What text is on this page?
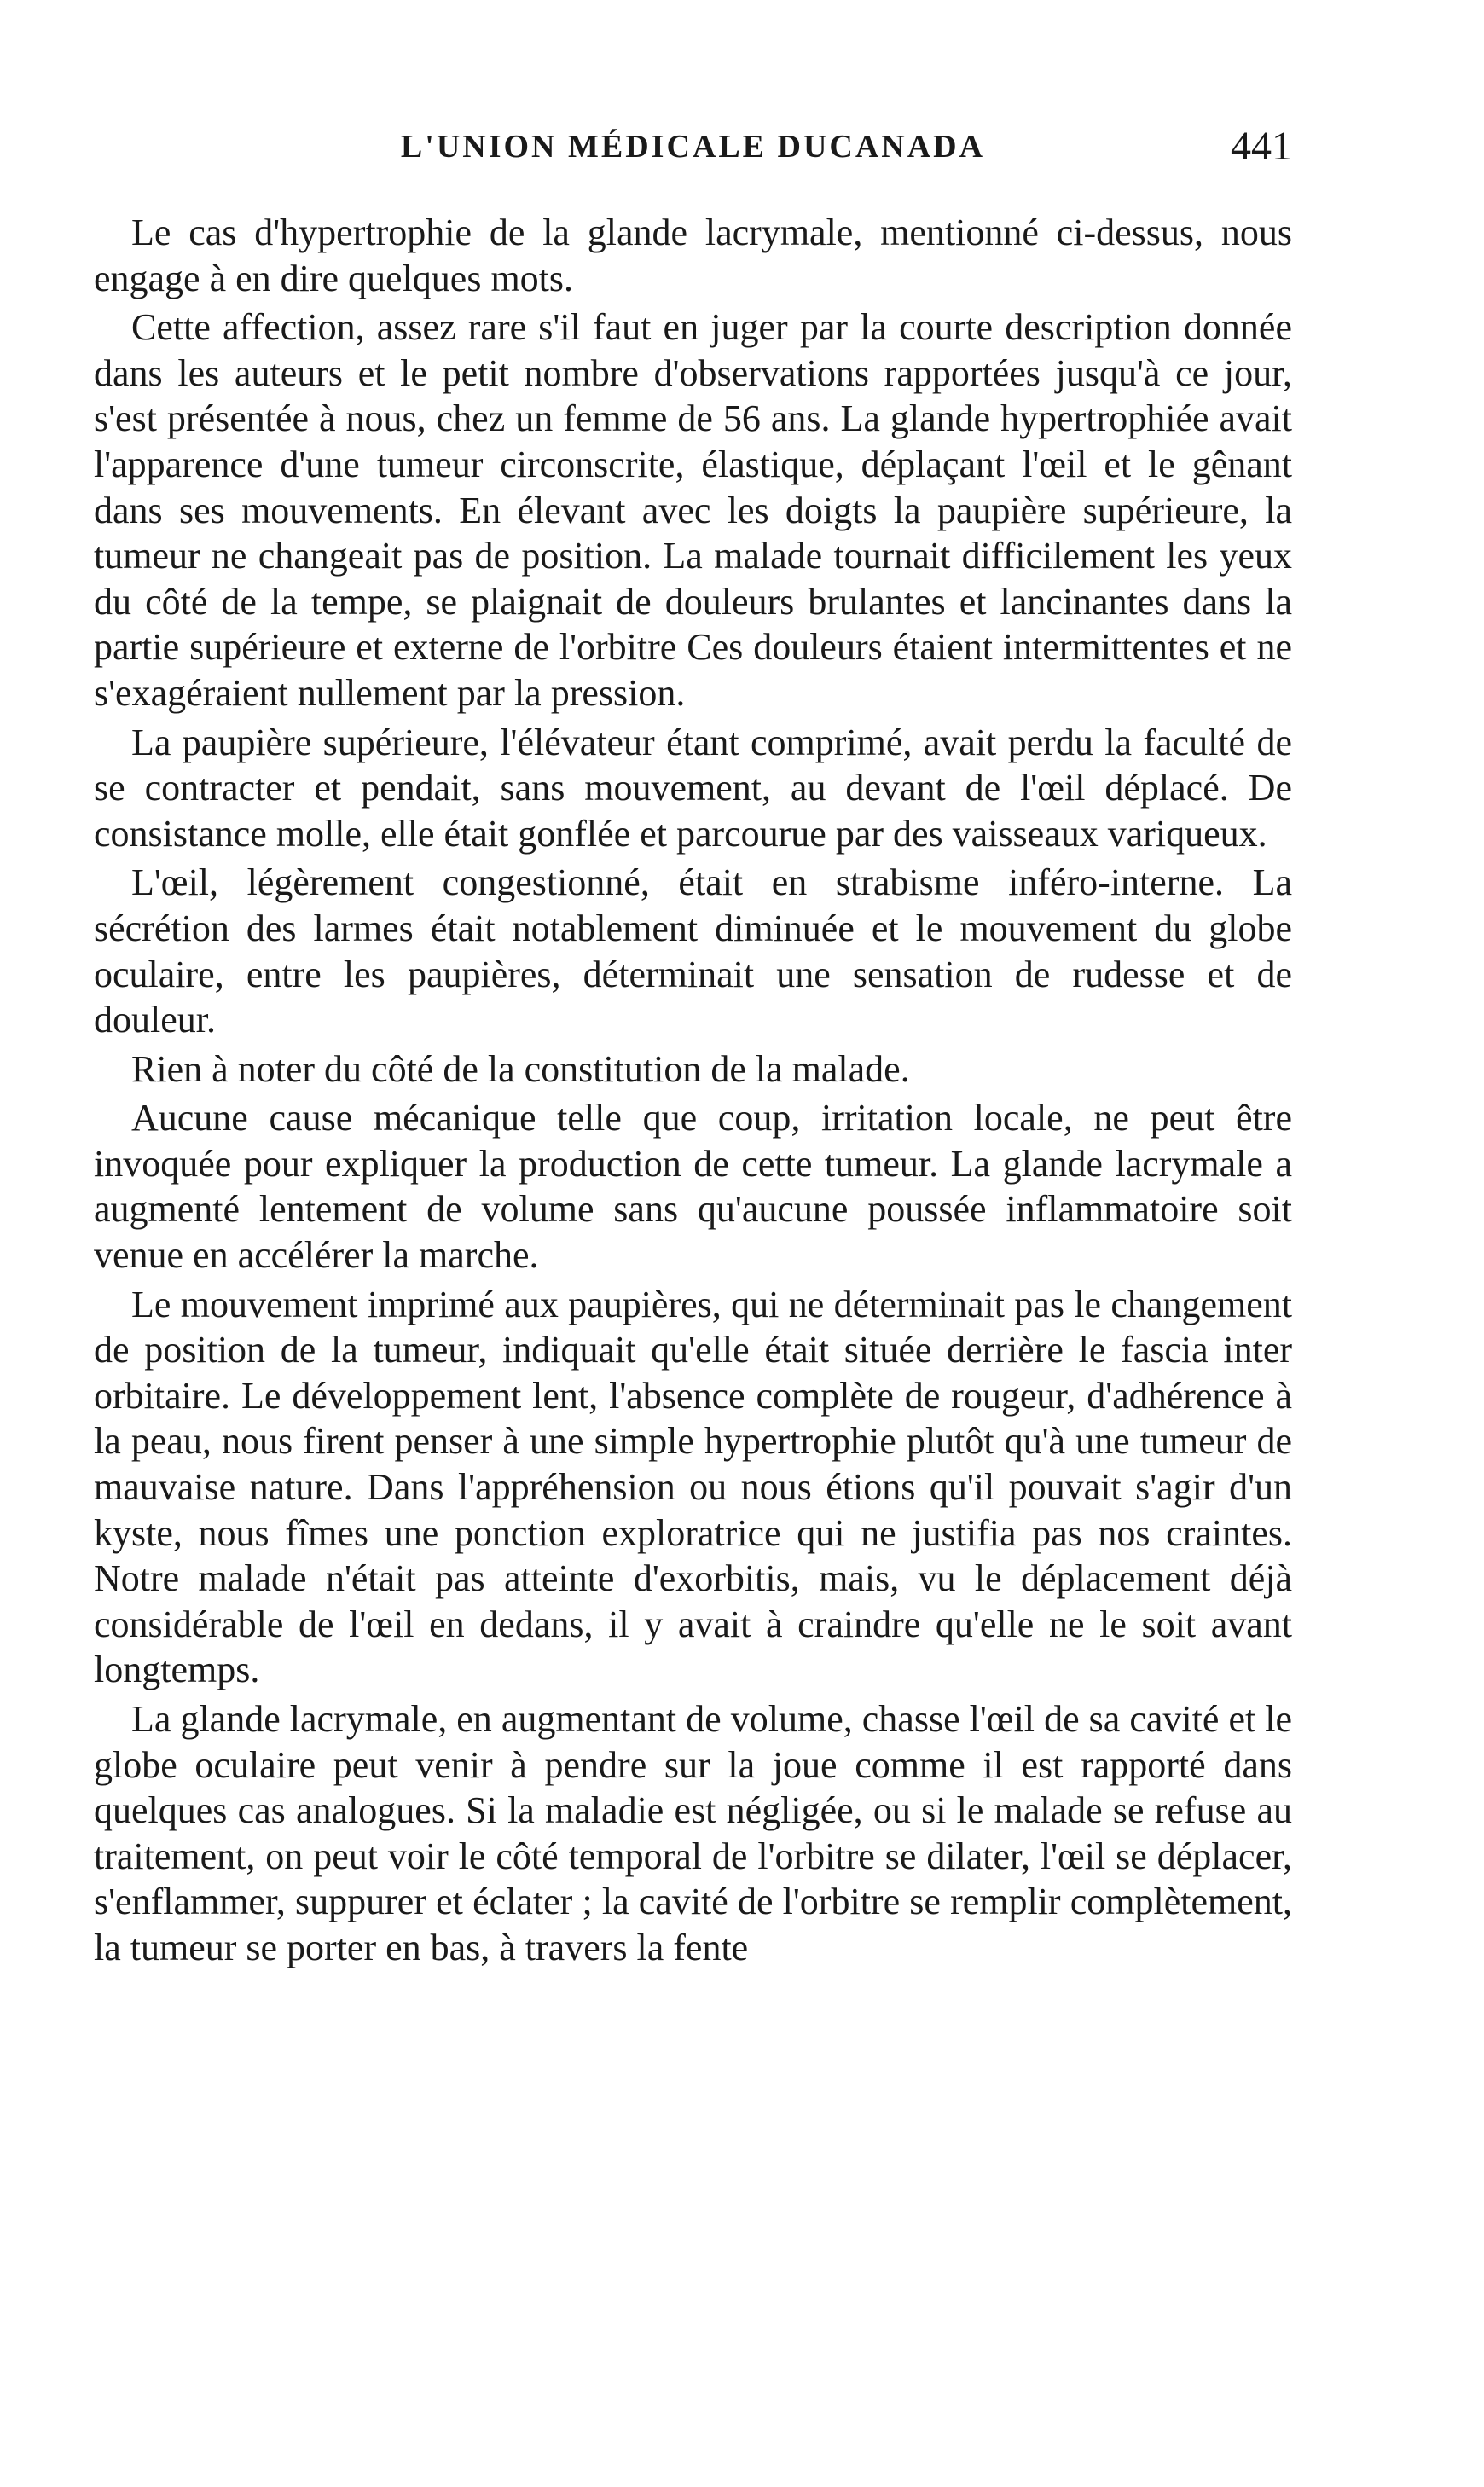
L'UNION MÉDICALE DUCANADA	441

Le cas d'hypertrophie de la glande lacrymale, mentionné ci-dessus, nous engage à en dire quelques mots.

Cette affection, assez rare s'il faut en juger par la courte description donnée dans les auteurs et le petit nombre d'observations rapportées jusqu'à ce jour, s'est présentée à nous, chez un femme de 56 ans. La glande hypertrophiée avait l'apparence d'une tumeur circonscrite, élastique, déplaçant l'œil et le gênant dans ses mouvements. En élevant avec les doigts la paupière supérieure, la tumeur ne changeait pas de position. La malade tournait difficilement les yeux du côté de la tempe, se plaignait de douleurs brulantes et lancinantes dans la partie supérieure et externe de l'orbitre Ces douleurs étaient intermittentes et ne s'exagéraient nullement par la pression.

La paupière supérieure, l'élévateur étant comprimé, avait perdu la faculté de se contracter et pendait, sans mouvement, au devant de l'œil déplacé. De consistance molle, elle était gonflée et parcourue par des vaisseaux variqueux.

L'œil, légèrement congestionné, était en strabisme inféro-interne. La sécrétion des larmes était notablement diminuée et le mouvement du globe oculaire, entre les paupières, déterminait une sensation de rudesse et de douleur.

Rien à noter du côté de la constitution de la malade.

Aucune cause mécanique telle que coup, irritation locale, ne peut être invoquée pour expliquer la production de cette tumeur. La glande lacrymale a augmenté lentement de volume sans qu'aucune poussée inflammatoire soit venue en accélérer la marche.

Le mouvement imprimé aux paupières, qui ne déterminait pas le changement de position de la tumeur, indiquait qu'elle était située derrière le fascia inter orbitaire. Le développement lent, l'absence complète de rougeur, d'adhérence à la peau, nous firent penser à une simple hypertrophie plutôt qu'à une tumeur de mauvaise nature. Dans l'appréhension ou nous étions qu'il pouvait s'agir d'un kyste, nous fîmes une ponction exploratrice qui ne justifia pas nos craintes. Notre malade n'était pas atteinte d'exorbitis, mais, vu le déplacement déjà considérable de l'œil en dedans, il y avait à craindre qu'elle ne le soit avant longtemps.

La glande lacrymale, en augmentant de volume, chasse l'œil de sa cavité et le globe oculaire peut venir à pendre sur la joue comme il est rapporté dans quelques cas analogues. Si la maladie est négligée, ou si le malade se refuse au traitement, on peut voir le côté temporal de l'orbitre se dilater, l'œil se déplacer, s'enflammer, suppurer et éclater ; la cavité de l'orbitre se remplir complètement, la tumeur se porter en bas, à travers la fente
